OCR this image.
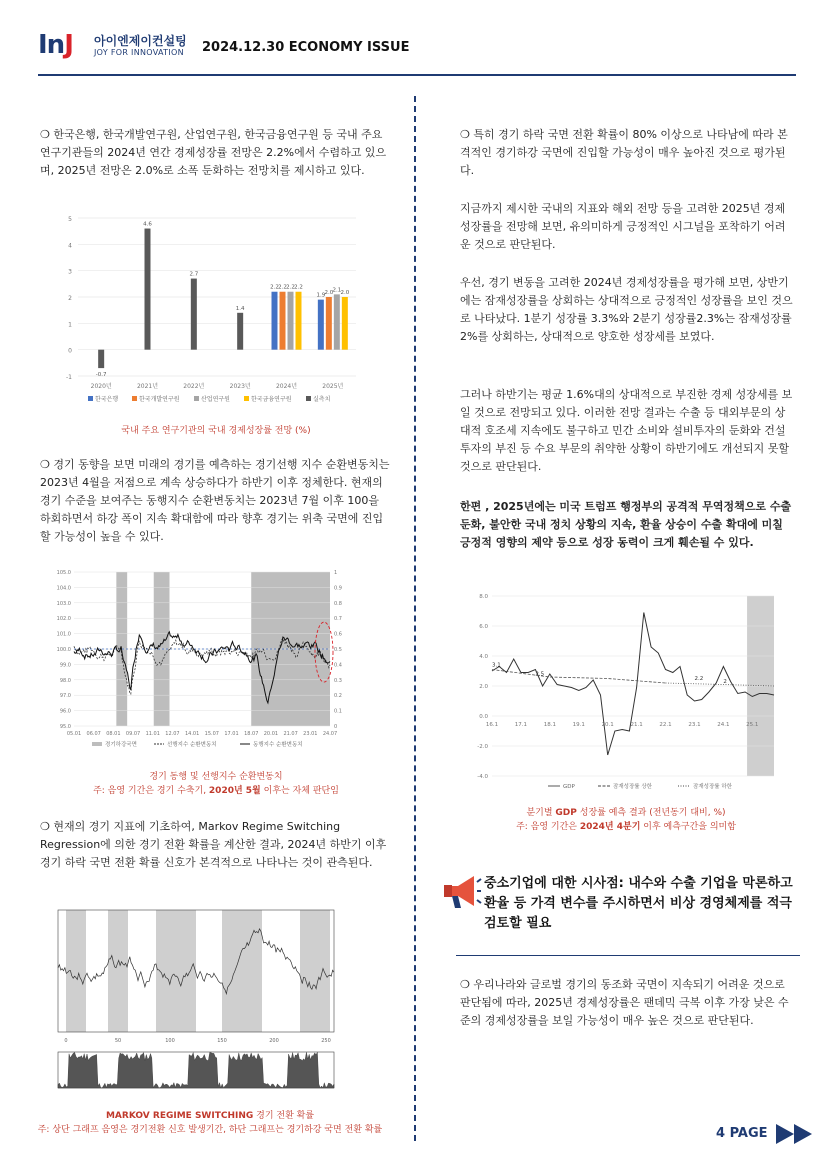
InJ 아이엔제이컨설팅
JOY FOR INNOVATION 2024.12.30 ECONOMY ISSUE
❍ 한국은행, 한국개발연구원, 산업연구원, 한국금융연구원 등 국내 주요 연구기관들의 2024년 연간 경제성장률 전망은 2.2%에서 수렴하고 있으며, 2025년 전망은 2.0%로 소폭 둔화하는 전망치를 제시하고 있다.
-1
0
1
2
3
4
5
2020년
-0.7
2021년
4.6
2022년
2.7
2023년
1.4
2024년
2.2 2.2 2.2 2.2
2025년
1.9 2.0 2.1 2.0
한국은행	한국개발연구원	산업연구원	한국금융연구원	실측치
국내 주요 연구기관의 국내 경제성장률 전망 (%)
❍ 경기 동향을 보면 미래의 경기를 예측하는 경기선행 지수 순환변동치는 2023년 4월을 저점으로 계속 상승하다가 하반기 이후 정체한다. 현재의 경기 수준을 보여주는 동행지수 순환변동치는 2023년 7월 이후 100을 하회하면서 하강 폭이 지속 확대함에 따라 향후 경기는 위축 국면에 진입할 가능성이 높을 수 있다.
95.0
96.0
97.0
98.0
99.0
100.0
101.0
102.0
103.0
104.0
105.0
0
0.1
0.2
0.3
0.4
0.5
0.6
0.7
0.8
0.9
1
05.01 06.07 08.01 09.07 11.01 12.07 14.01 15.07 17.01 18.07 20.01 21.07 23.01 24.07
경기하강국면	선행지수 순환변동치	동행지수 순환변동치
경기 동행 및 선행지수 순환변동치
주: 음영 기간은 경기 수축기, 2020년 5월 이후는 자체 판단임
❍ 현재의 경기 지표에 기초하여, Markov Regime Switching Regression에 의한 경기 전환 확률을 계산한 결과, 2024년 하반기 이후 경기 하락 국면 전환 확률 신호가 본격적으로 나타나는 것이 관측된다.
0	50	100	150	200	250
MARKOV REGIME SWITCHING 경기 전환 확률
주: 상단 그래프 음영은 경기전환 신호 발생기간, 하단 그래프는 경기하강 국면 전환 확률
❍ 특히 경기 하락 국면 전환 확률이 80% 이상으로 나타남에 따라 본격적인 경기하강 국면에 진입할 가능성이 매우 높아진 것으로 평가된다.
지금까지 제시한 국내의 지표와 해외 전망 등을 고려한 2025년 경제성장률을 전망해 보면, 유의미하게 긍정적인 시그널을 포착하기 어려운 것으로 판단된다.
우선, 경기 변동을 고려한 2024년 경제성장률을 평가해 보면, 상반기에는 잠재성장률을 상회하는 상대적으로 긍정적인 성장률을 보인 것으로 나타났다. 1분기 성장률 3.3%와 2분기 성장률2.3%는 잠재성장률 2%를 상회하는, 상대적으로 양호한 성장세를 보였다.
그러나 하반기는 평균 1.6%대의 상대적으로 부진한 경제 성장세를 보일 것으로 전망되고 있다. 이러한 전망 결과는 수출 등 대외부문의 상대적 호조세 지속에도 불구하고 민간 소비와 설비투자의 둔화와 건설투자의 부진 등 수요 부문의 취약한 상황이 하반기에도 개선되지 못할 것으로 판단된다.
한편 , 2025년에는 미국 트럼프 행정부의 공격적 무역정책으로 수출 둔화, 불안한 국내 정치 상황의 지속, 환율 상승이 수출 확대에 미칠 긍정적 영향의 제약 등으로 성장 동력이 크게 훼손될 수 있다.
-4.0
-2.0
0.0
2.0
4.0
6.0
8.0
16.1	17.1	18.1	19.1	20.1	21.1	22.1	23.1	24.1	25.1
3.1
2.5
2.2	2
GDP	잠재성장률 상한	잠재성장률 하한
분기별 GDP 성장률 예측 결과 (전년동기 대비, %)
주: 음영 기간은 2024년 4분기 이후 예측구간을 의미함
중소기업에 대한 시사점: 내수와 수출 기업을 막론하고 환율 등 가격 변수를 주시하면서 비상 경영체제를 적극 검토할 필요
❍ 우리나라와 글로벌 경기의 동조화 국면이 지속되기 어려운 것으로 판단됨에 따라, 2025년 경제성장률은 팬데믹 극복 이후 가장 낮은 수준의 경제성장률을 보일 가능성이 매우 높은 것으로 판단된다.
4 PAGE
